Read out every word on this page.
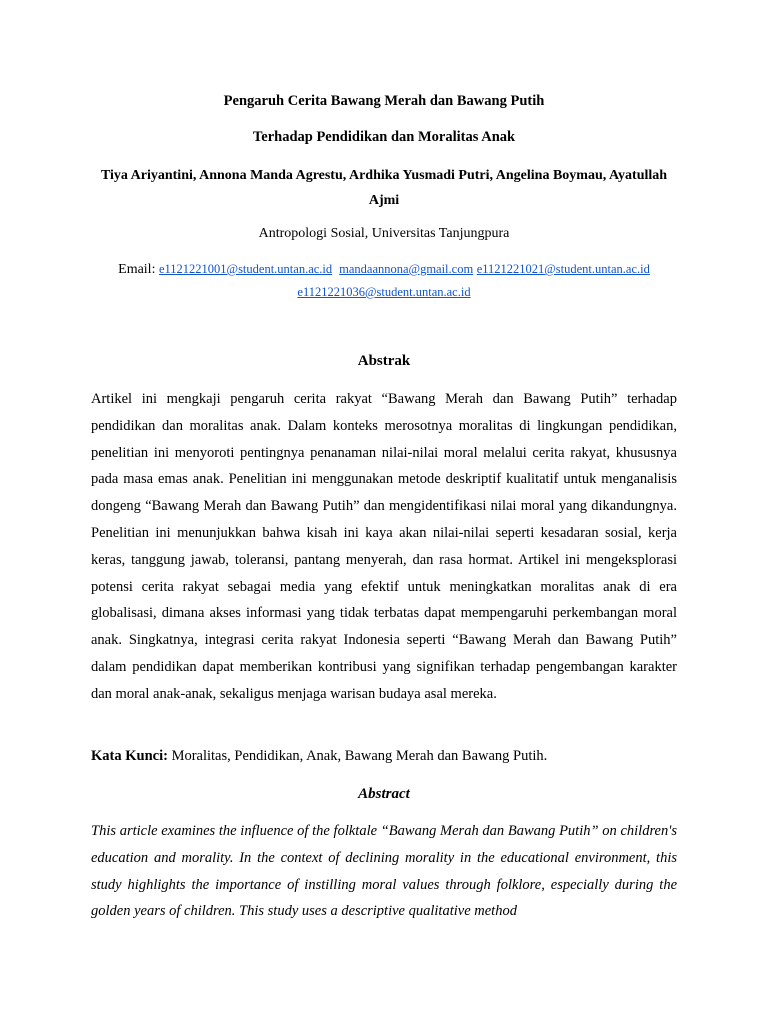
Pengaruh Cerita Bawang Merah dan Bawang Putih
Terhadap Pendidikan dan Moralitas Anak
Tiya Ariyantini, Annona Manda Agrestu, Ardhika Yusmadi Putri, Angelina Boymau, Ayatullah Ajmi
Antropologi Sosial, Universitas Tanjungpura
Email: e1121221001@student.untan.ac.id mandaannona@gmail.com e1121221021@student.untan.ac.id
e1121221036@student.untan.ac.id
Abstrak
Artikel ini mengkaji pengaruh cerita rakyat “Bawang Merah dan Bawang Putih” terhadap pendidikan dan moralitas anak. Dalam konteks merosotnya moralitas di lingkungan pendidikan, penelitian ini menyoroti pentingnya penanaman nilai-nilai moral melalui cerita rakyat, khususnya pada masa emas anak. Penelitian ini menggunakan metode deskriptif kualitatif untuk menganalisis dongeng “Bawang Merah dan Bawang Putih” dan mengidentifikasi nilai moral yang dikandungnya. Penelitian ini menunjukkan bahwa kisah ini kaya akan nilai-nilai seperti kesadaran sosial, kerja keras, tanggung jawab, toleransi, pantang menyerah, dan rasa hormat. Artikel ini mengeksplorasi potensi cerita rakyat sebagai media yang efektif untuk meningkatkan moralitas anak di era globalisasi, dimana akses informasi yang tidak terbatas dapat mempengaruhi perkembangan moral anak. Singkatnya, integrasi cerita rakyat Indonesia seperti “Bawang Merah dan Bawang Putih” dalam pendidikan dapat memberikan kontribusi yang signifikan terhadap pengembangan karakter dan moral anak-anak, sekaligus menjaga warisan budaya asal mereka.
Kata Kunci: Moralitas, Pendidikan, Anak, Bawang Merah dan Bawang Putih.
Abstract
This article examines the influence of the folktale “Bawang Merah dan Bawang Putih” on children's education and morality. In the context of declining morality in the educational environment, this study highlights the importance of instilling moral values through folklore, especially during the golden years of children. This study uses a descriptive qualitative method
